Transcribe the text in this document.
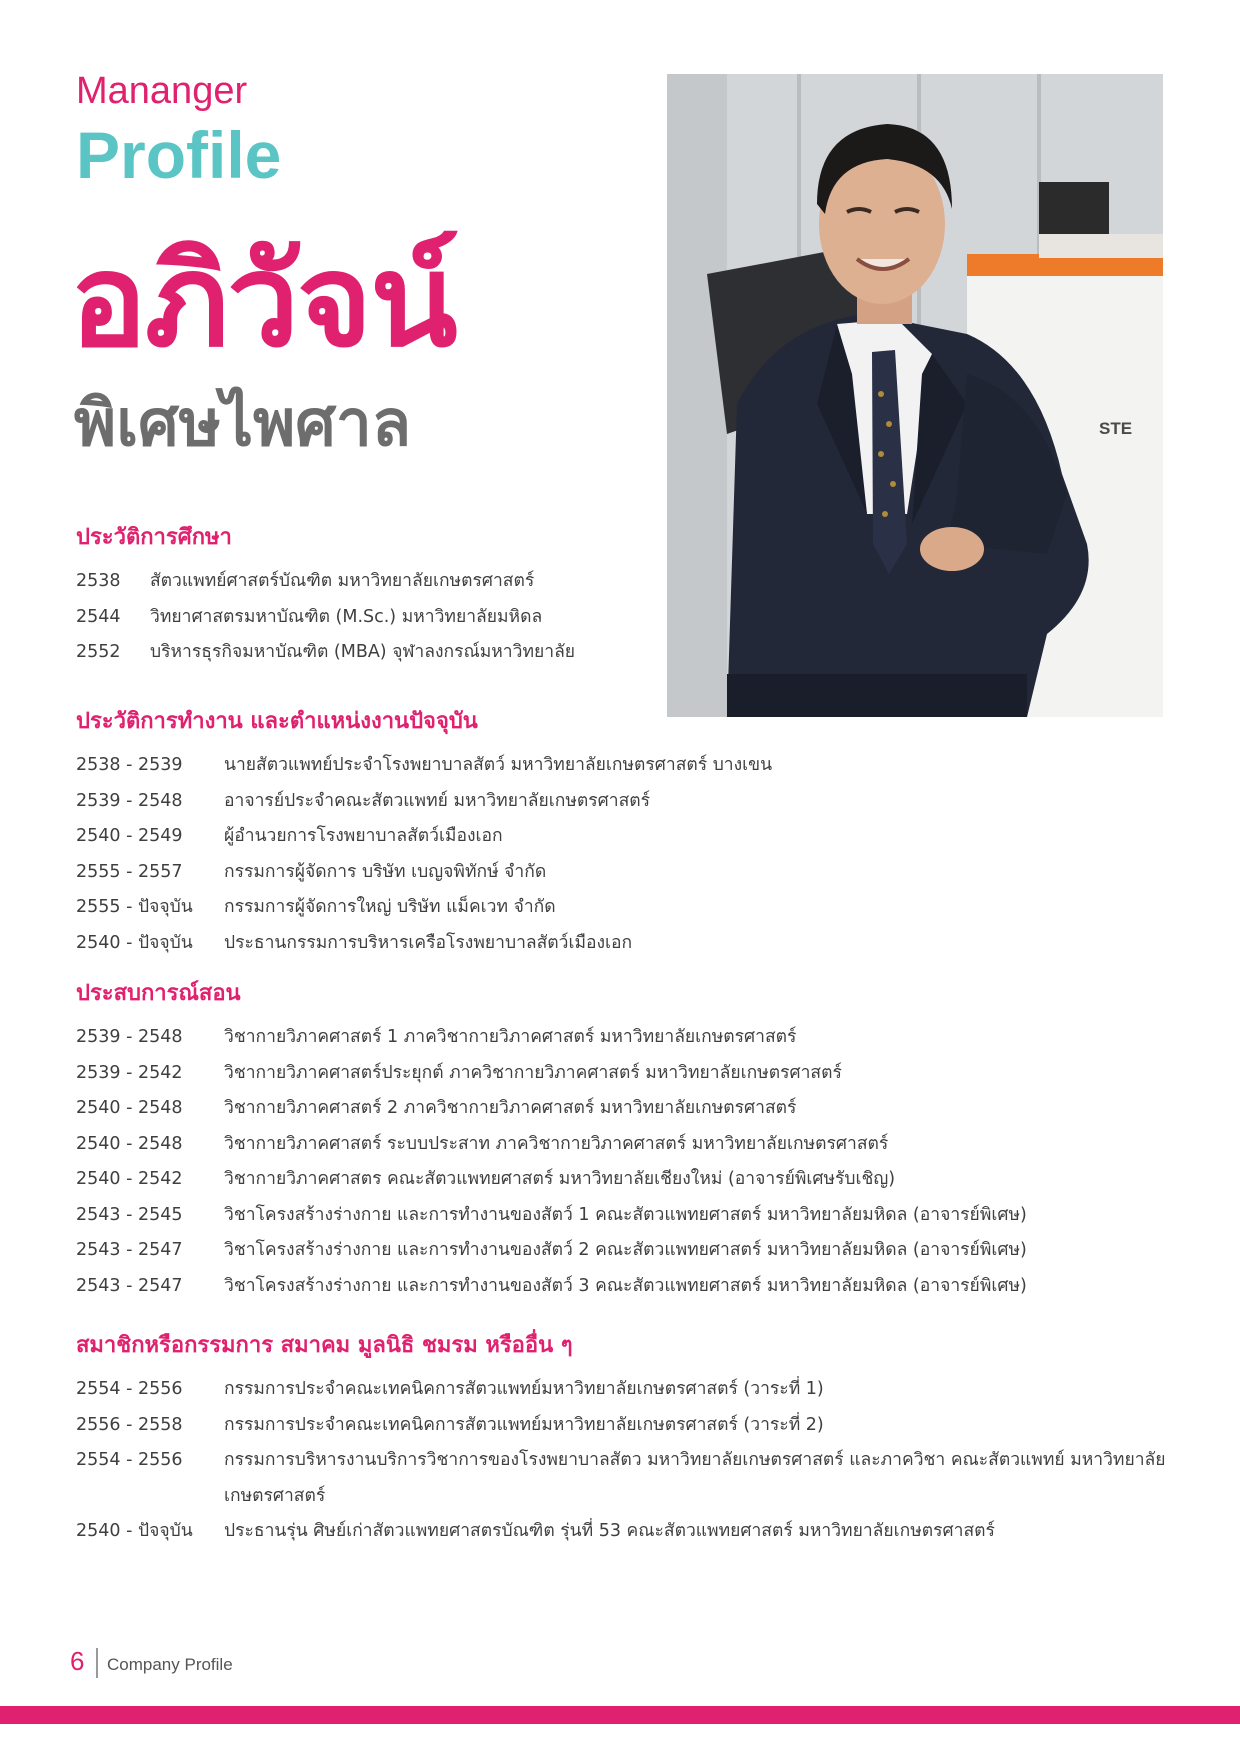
Mananger
Profile
อภิวัจน์
พิเศษไพศาล	STE
ประวัติการศึกษา
2538	สัตวแพทย์ศาสตร์บัณฑิต มหาวิทยาลัยเกษตรศาสตร์
2544	วิทยาศาสตรมหาบัณฑิต (M.Sc.) มหาวิทยาลัยมหิดล
2552	บริหารธุรกิจมหาบัณฑิต (MBA) จุฬาลงกรณ์มหาวิทยาลัย
ประวัติการทำงาน และตำแหน่งงานปัจจุบัน
2538 - 2539	นายสัตวแพทย์ประจำโรงพยาบาลสัตว์ มหาวิทยาลัยเกษตรศาสตร์ บางเขน
2539 - 2548	อาจารย์ประจำคณะสัตวแพทย์ มหาวิทยาลัยเกษตรศาสตร์
2540 - 2549	ผู้อำนวยการโรงพยาบาลสัตว์เมืองเอก
2555 - 2557	กรรมการผู้จัดการ บริษัท เบญจพิทักษ์ จำกัด
2555 - ปัจจุบัน	กรรมการผู้จัดการใหญ่ บริษัท แม็คเวท จำกัด
2540 - ปัจจุบัน	ประธานกรรมการบริหารเครือโรงพยาบาลสัตว์เมืองเอก
ประสบการณ์สอน
2539 - 2548	วิชากายวิภาคศาสตร์ 1 ภาควิชากายวิภาคศาสตร์ มหาวิทยาลัยเกษตรศาสตร์
2539 - 2542	วิชากายวิภาคศาสตร์ประยุกต์ ภาควิชากายวิภาคศาสตร์ มหาวิทยาลัยเกษตรศาสตร์
2540 - 2548	วิชากายวิภาคศาสตร์ 2 ภาควิชากายวิภาคศาสตร์ มหาวิทยาลัยเกษตรศาสตร์
2540 - 2548	วิชากายวิภาคศาสตร์ ระบบประสาท ภาควิชากายวิภาคศาสตร์ มหาวิทยาลัยเกษตรศาสตร์
2540 - 2542	วิชากายวิภาคศาสตร คณะสัตวแพทยศาสตร์ มหาวิทยาลัยเชียงใหม่ (อาจารย์พิเศษรับเชิญ)
2543 - 2545	วิชาโครงสร้างร่างกาย และการทำงานของสัตว์ 1 คณะสัตวแพทยศาสตร์ มหาวิทยาลัยมหิดล (อาจารย์พิเศษ)
2543 - 2547	วิชาโครงสร้างร่างกาย และการทำงานของสัตว์ 2 คณะสัตวแพทยศาสตร์ มหาวิทยาลัยมหิดล (อาจารย์พิเศษ)
2543 - 2547	วิชาโครงสร้างร่างกาย และการทำงานของสัตว์ 3 คณะสัตวแพทยศาสตร์ มหาวิทยาลัยมหิดล (อาจารย์พิเศษ)
สมาชิกหรือกรรมการ สมาคม มูลนิธิ ชมรม หรืออื่น ๆ
2554 - 2556	กรรมการประจำคณะเทคนิคการสัตวแพทย์มหาวิทยาลัยเกษตรศาสตร์ (วาระที่ 1)
2556 - 2558	กรรมการประจำคณะเทคนิคการสัตวแพทย์มหาวิทยาลัยเกษตรศาสตร์ (วาระที่ 2)
2554 - 2556	กรรมการบริหารงานบริการวิชาการของโรงพยาบาลสัตว มหาวิทยาลัยเกษตรศาสตร์ และภาควิชา คณะสัตวแพทย์ มหาวิทยาลัยเกษตรศาสตร์
2540 - ปัจจุบัน	ประธานรุ่น ศิษย์เก่าสัตวแพทยศาสตรบัณฑิต รุ่นที่ 53 คณะสัตวแพทยศาสตร์ มหาวิทยาลัยเกษตรศาสตร์
6 Company Profile
